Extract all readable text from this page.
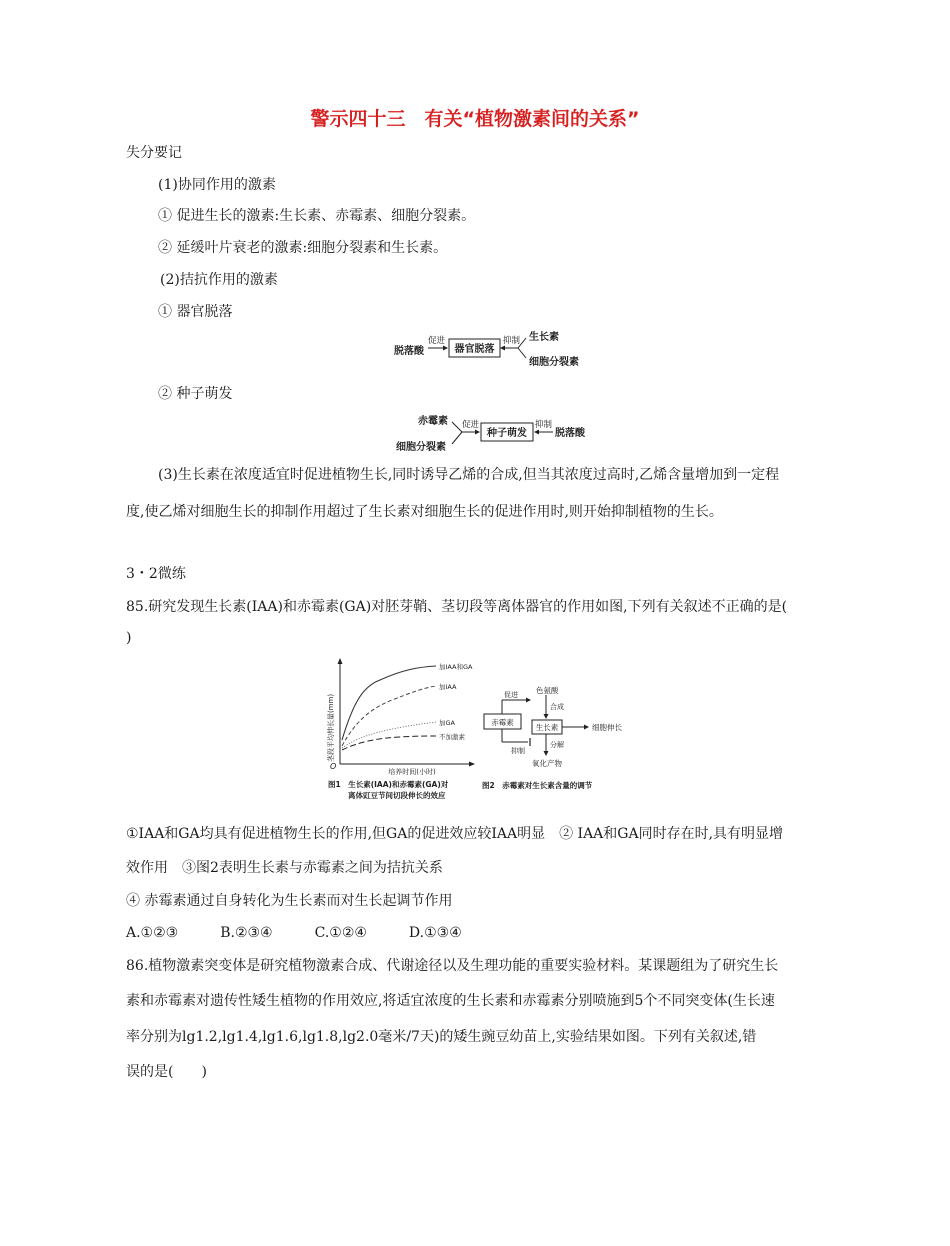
警示四十三　有关“植物激素间的关系”
失分要记
(1)协同作用的激素
① 促进生长的激素:生长素、赤霉素、细胞分裂素。
② 延缓叶片衰老的激素:细胞分裂素和生长素。
(2)拮抗作用的激素
① 器官脱落
脱落酸
促进
器官脱落
抑制 生长素
细胞分裂素
② 种子萌发
赤霉素
细胞分裂素
促进
种子萌发
抑制
脱落酸
(3)生长素在浓度适宜时促进植物生长,同时诱导乙烯的合成,但当其浓度过高时,乙烯含量增加到一定程
度,使乙烯对细胞生长的抑制作用超过了生长素对细胞生长的促进作用时,则开始抑制植物的生长。
3・2微练
85.研究发现生长素(IAA)和赤霉素(GA)对胚芽鞘、茎切段等离体器官的作用如图,下列有关叙述不正确的是(
)
茎段平均伸长量(mm)
O
培养时间(小时)
加IAA和GA
加IAA
加GA
不加激素
图1　生长素(IAA)和赤霉素(GA)对
离体豇豆节间切段伸长的效应
赤霉素
促进
抑制
色氨酸
合成
生长素	细胞伸长
分解
氧化产物
图2　赤霉素对生长素含量的调节
①IAA和GA均具有促进植物生长的作用,但GA的促进效应较IAA明显　② IAA和GA同时存在时,具有明显增
效作用　③图2表明生长素与赤霉素之间为拮抗关系
④ 赤霉素通过自身转化为生长素而对生长起调节作用
A.①②③　　　B.②③④　　　C.①②④　　　D.①③④
86.植物激素突变体是研究植物激素合成、代谢途径以及生理功能的重要实验材料。某课题组为了研究生长
素和赤霉素对遗传性矮生植物的作用效应,将适宜浓度的生长素和赤霉素分别喷施到5个不同突变体(生长速
率分别为lg1.2,lg1.4,lg1.6,lg1.8,lg2.0毫米/7天)的矮生豌豆幼苗上,实验结果如图。下列有关叙述,错
误的是(　　)
